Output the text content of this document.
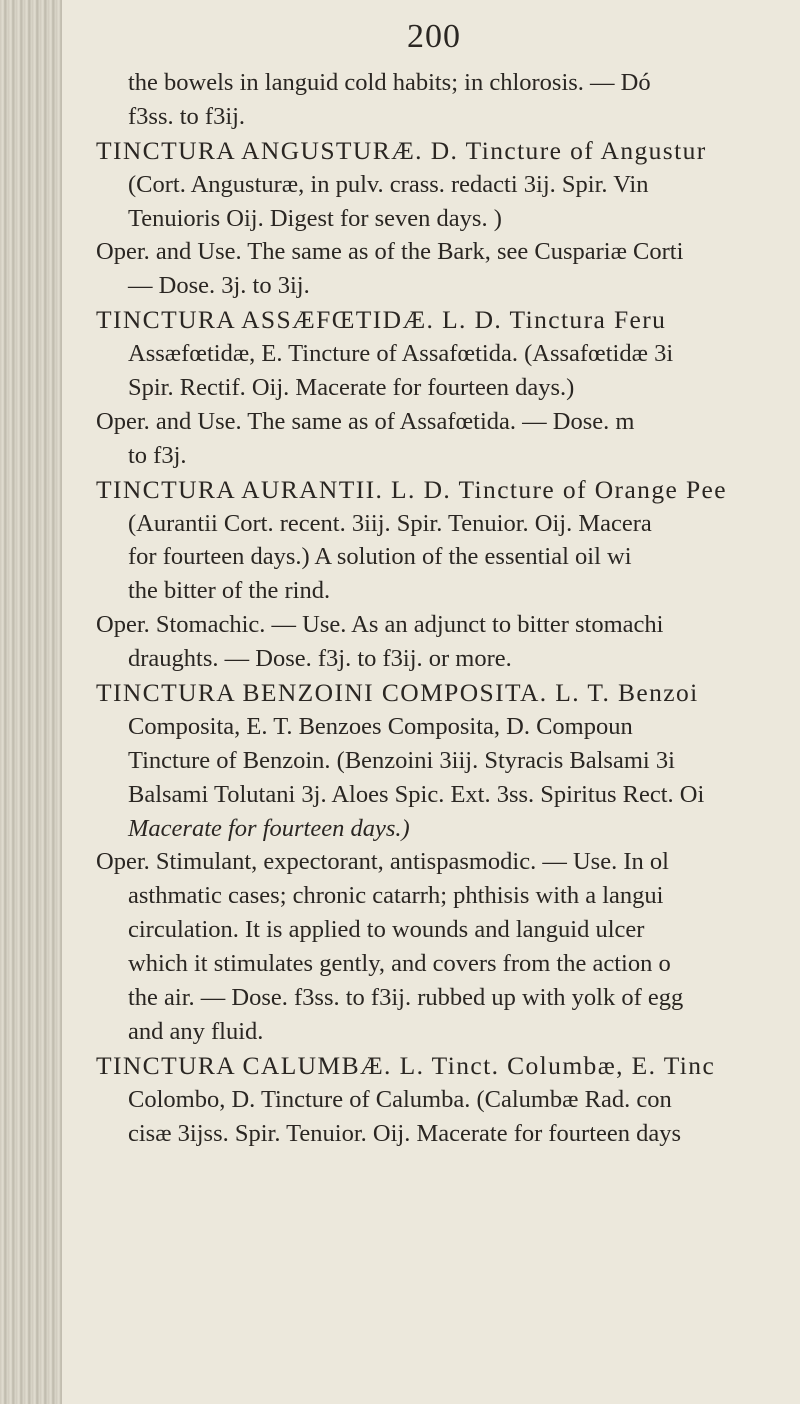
200
the bowels in languid cold habits; in chlorosis. — Dó
f3ss. to f3ij.
TINCTURA ANGUSTURÆ. D. Tincture of Angustur
(Cort. Angusturæ, in pulv. crass. redacti 3ij. Spir. Vin
Tenuioris Oij. Digest for seven days. )
Oper. and Use. The same as of the Bark, see Cuspariæ Corti
— Dose. 3j. to 3ij.
TINCTURA ASSÆFŒTIDÆ. L. D. Tinctura Feru
Assæfœtidæ, E. Tincture of Assafœtida. (Assafœtidæ 3i
Spir. Rectif. Oij. Macerate for fourteen days.)
Oper. and Use. The same as of Assafœtida. — Dose. m
to f3j.
TINCTURA AURANTII. L. D. Tincture of Orange Pee
(Aurantii Cort. recent. 3iij. Spir. Tenuior. Oij. Macera
for fourteen days.) A solution of the essential oil wi
the bitter of the rind.
Oper. Stomachic. — Use. As an adjunct to bitter stomachi
draughts. — Dose. f3j. to f3ij. or more.
TINCTURA BENZOINI COMPOSITA. L. T. Benzoi
Composita, E. T. Benzoes Composita, D. Compoun
Tincture of Benzoin. (Benzoini 3iij. Styracis Balsami 3i
Balsami Tolutani 3j. Aloes Spic. Ext. 3ss. Spiritus Rect. Oi
Macerate for fourteen days.)
Oper. Stimulant, expectorant, antispasmodic. — Use. In ol
asthmatic cases; chronic catarrh; phthisis with a langui
circulation. It is applied to wounds and languid ulcer
which it stimulates gently, and covers from the action o
the air. — Dose. f3ss. to f3ij. rubbed up with yolk of egg
and any fluid.
TINCTURA CALUMBÆ. L. Tinct. Columbæ, E. Tinc
Colombo, D. Tincture of Calumba. (Calumbæ Rad. con
cisæ 3ijss. Spir. Tenuior. Oij. Macerate for fourteen days
